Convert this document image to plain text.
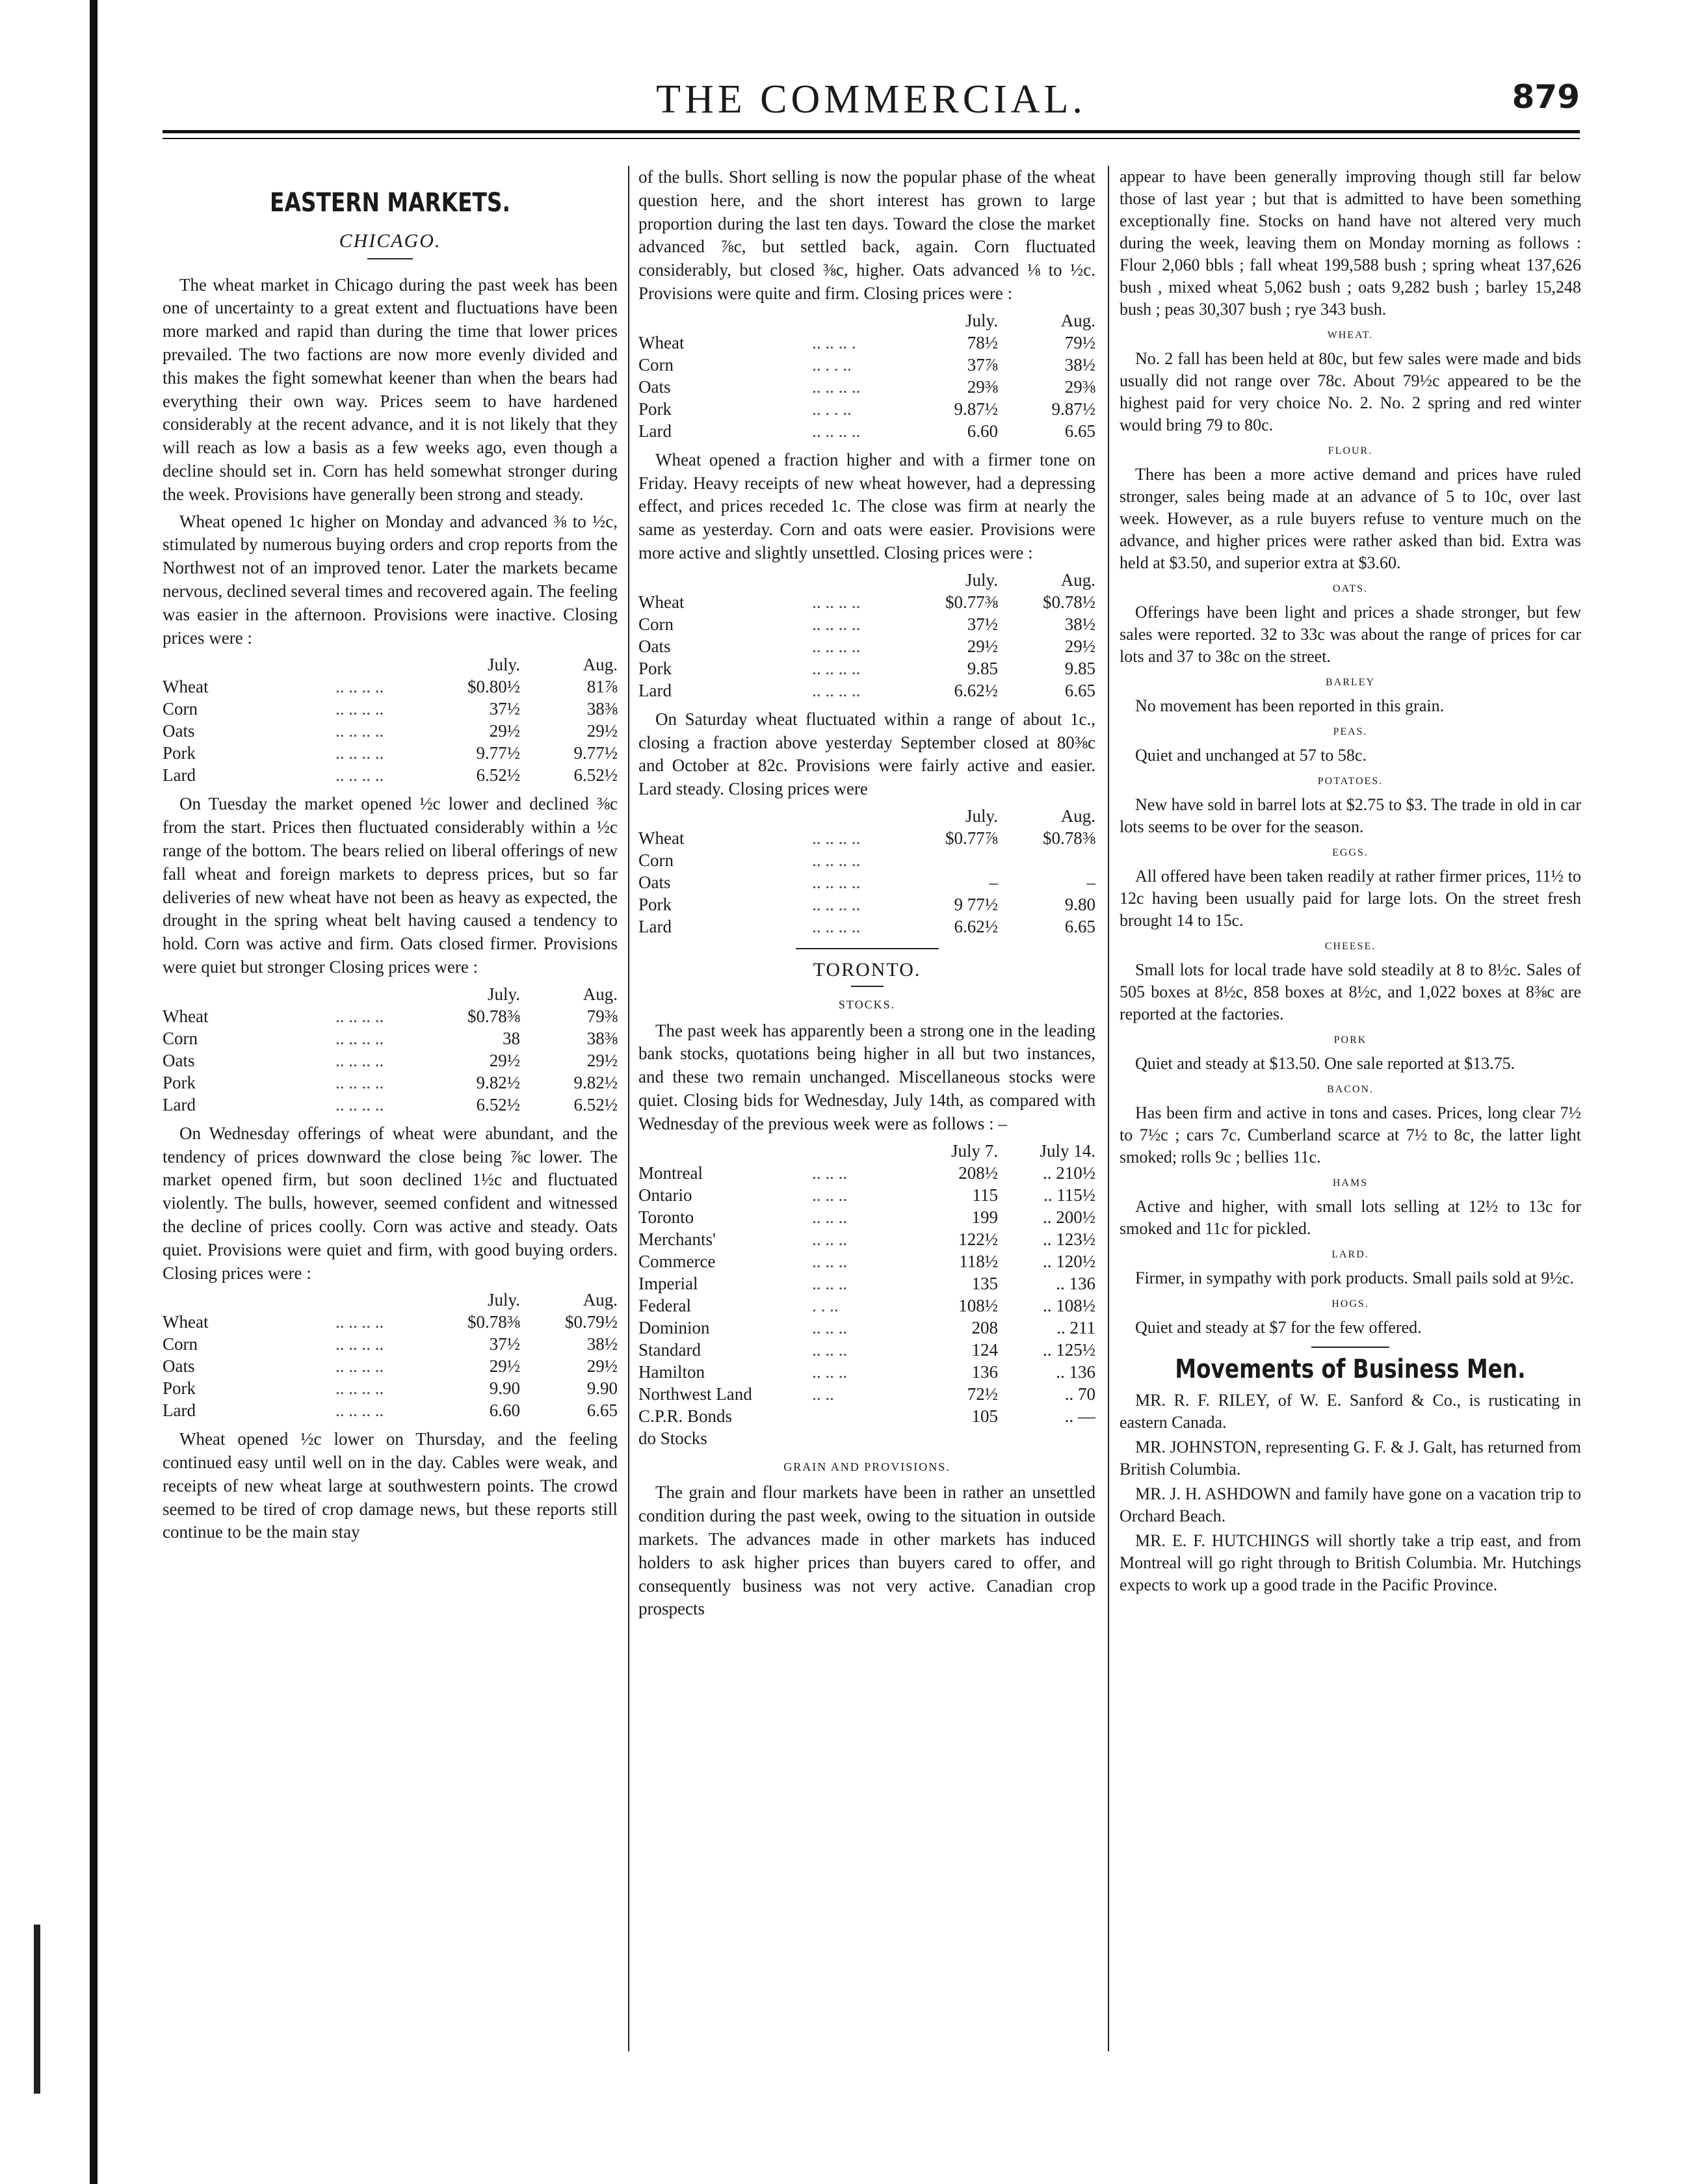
THE COMMERCIAL.	879
EASTERN MARKETS.
CHICAGO.

The wheat market in Chicago during the past week has been one of uncertainty to a great extent and fluctuations have been more marked and rapid than during the time that lower prices prevailed. The two factions are now more evenly divided and this makes the fight somewhat keener than when the bears had everything their own way. Prices seem to have hardened considerably at the recent advance, and it is not likely that they will reach as low a basis as a few weeks ago, even though a decline should set in. Corn has held somewhat stronger during the week. Provisions have generally been strong and steady.

Wheat opened 1c higher on Monday and advanced ⅜ to ½c, stimulated by numerous buying orders and crop reports from the Northwest not of an improved tenor. Later the markets became nervous, declined several times and recovered again. The feeling was easier in the afternoon. Provisions were inactive. Closing prices were :

		July.	Aug.
Wheat	.. .. .. ..	$0.80½	81⅞
Corn	.. .. .. ..	37½	38⅜
Oats	.. .. .. ..	29½	29½
Pork	.. .. .. ..	9.77½	9.77½
Lard	.. .. .. ..	6.52½	6.52½

On Tuesday the market opened ½c lower and declined ⅜c from the start. Prices then fluctuated considerably within a ½c range of the bottom. The bears relied on liberal offerings of new fall wheat and foreign markets to depress prices, but so far deliveries of new wheat have not been as heavy as expected, the drought in the spring wheat belt having caused a tendency to hold. Corn was active and firm. Oats closed firmer. Provisions were quiet but stronger Closing prices were :

		July.	Aug.
Wheat	.. .. .. ..	$0.78⅜	79⅜
Corn	.. .. .. ..	38	38⅜
Oats	.. .. .. ..	29½	29½
Pork	.. .. .. ..	9.82½	9.82½
Lard	.. .. .. ..	6.52½	6.52½

On Wednesday offerings of wheat were abundant, and the tendency of prices downward the close being ⅞c lower. The market opened firm, but soon declined 1½c and fluctuated violently. The bulls, however, seemed confident and witnessed the decline of prices coolly. Corn was active and steady. Oats quiet. Provisions were quiet and firm, with good buying orders. Closing prices were :

		July.	Aug.
Wheat	.. .. .. ..	$0.78⅜	$0.79½
Corn	.. .. .. ..	37½	38½
Oats	.. .. .. ..	29½	29½
Pork	.. .. .. ..	9.90	9.90
Lard	.. .. .. ..	6.60	6.65

Wheat opened ½c lower on Thursday, and the feeling continued easy until well on in the day. Cables were weak, and receipts of new wheat large at southwestern points. The crowd seemed to be tired of crop damage news, but these reports still continue to be the main stay

of the bulls. Short selling is now the popular phase of the wheat question here, and the short interest has grown to large proportion during the last ten days. Toward the close the market advanced ⅞c, but settled back, again. Corn fluctuated considerably, but closed ⅜c, higher. Oats advanced ⅛ to ½c. Provisions were quite and firm. Closing prices were :

		July.	Aug.
Wheat	.. .. .. .	78½	79½
Corn	.. . . ..	37⅞	38½
Oats	.. .. .. ..	29⅜	29⅜
Pork	.. . . ..	9.87½	9.87½
Lard	.. .. .. ..	6.60	6.65

Wheat opened a fraction higher and with a firmer tone on Friday. Heavy receipts of new wheat however, had a depressing effect, and prices receded 1c. The close was firm at nearly the same as yesterday. Corn and oats were easier. Provisions were more active and slightly unsettled. Closing prices were :

		July.	Aug.
Wheat	.. .. .. ..	$0.77⅜	$0.78½
Corn	.. .. .. ..	37½	38½
Oats	.. .. .. ..	29½	29½
Pork	.. .. .. ..	9.85	9.85
Lard	.. .. .. ..	6.62½	6.65

On Saturday wheat fluctuated within a range of about 1c., closing a fraction above yesterday September closed at 80⅜c and October at 82c. Provisions were fairly active and easier. Lard steady. Closing prices were

		July.	Aug.
Wheat	.. .. .. ..	$0.77⅞	$0.78⅜
Corn	.. .. .. ..		
Oats	.. .. .. ..	–	–
Pork	.. .. .. ..	9 77½	9.80
Lard	.. .. .. ..	6.62½	6.65
TORONTO.
STOCKS.

The past week has apparently been a strong one in the leading bank stocks, quotations being higher in all but two instances, and these two remain unchanged. Miscellaneous stocks were quiet. Closing bids for Wednesday, July 14th, as compared with Wednesday of the previous week were as follows : –

		July 7.	July 14.
Montreal	.. .. ..	208½	.. 210½
Ontario	.. .. ..	115	.. 115½
Toronto	.. .. ..	199	.. 200½
Merchants'	.. .. ..	122½	.. 123½
Commerce	.. .. ..	118½	.. 120½
Imperial	.. .. ..	135	.. 136
Federal	. . ..	108½	.. 108½
Dominion	.. .. ..	208	.. 211
Standard	.. .. ..	124	.. 125½
Hamilton	.. .. ..	136	.. 136
Northwest Land	.. ..	72½	.. 70
C.P.R. Bonds		105	.. —
do Stocks			
GRAIN AND PROVISIONS.

The grain and flour markets have been in rather an unsettled condition during the past week, owing to the situation in outside markets. The advances made in other markets has induced holders to ask higher prices than buyers cared to offer, and consequently business was not very active. Canadian crop prospects

appear to have been generally improving though still far below those of last year ; but that is admitted to have been something exceptionally fine. Stocks on hand have not altered very much during the week, leaving them on Monday morning as follows : Flour 2,060 bbls ; fall wheat 199,588 bush ; spring wheat 137,626 bush , mixed wheat 5,062 bush ; oats 9,282 bush ; barley 15,248 bush ; peas 30,307 bush ; rye 343 bush.

WHEAT.

No. 2 fall has been held at 80c, but few sales were made and bids usually did not range over 78c. About 79½c appeared to be the highest paid for very choice No. 2. No. 2 spring and red winter would bring 79 to 80c.

FLOUR.

There has been a more active demand and prices have ruled stronger, sales being made at an advance of 5 to 10c, over last week. However, as a rule buyers refuse to venture much on the advance, and higher prices were rather asked than bid. Extra was held at $3.50, and superior extra at $3.60.

OATS.

Offerings have been light and prices a shade stronger, but few sales were reported. 32 to 33c was about the range of prices for car lots and 37 to 38c on the street.

BARLEY

No movement has been reported in this grain.

PEAS.

Quiet and unchanged at 57 to 58c.

POTATOES.

New have sold in barrel lots at $2.75 to $3. The trade in old in car lots seems to be over for the season.

EGGS.

All offered have been taken readily at rather firmer prices, 11½ to 12c having been usually paid for large lots. On the street fresh brought 14 to 15c.

CHEESE.

Small lots for local trade have sold steadily at 8 to 8½c. Sales of 505 boxes at 8½c, 858 boxes at 8½c, and 1,022 boxes at 8⅜c are reported at the factories.

PORK

Quiet and steady at $13.50. One sale reported at $13.75.

BACON.

Has been firm and active in tons and cases. Prices, long clear 7½ to 7½c ; cars 7c. Cumberland scarce at 7½ to 8c, the latter light smoked; rolls 9c ; bellies 11c.

HAMS

Active and higher, with small lots selling at 12½ to 13c for smoked and 11c for pickled.

LARD.

Firmer, in sympathy with pork products. Small pails sold at 9½c.

HOGS.

Quiet and steady at $7 for the few offered.

Movements of Business Men.

MR. R. F. RILEY, of W. E. Sanford & Co., is rusticating in eastern Canada.

MR. JOHNSTON, representing G. F. & J. Galt, has returned from British Columbia.

MR. J. H. ASHDOWN and family have gone on a vacation trip to Orchard Beach.

MR. E. F. HUTCHINGS will shortly take a trip east, and from Montreal will go right through to British Columbia. Mr. Hutchings expects to work up a good trade in the Pacific Province.
